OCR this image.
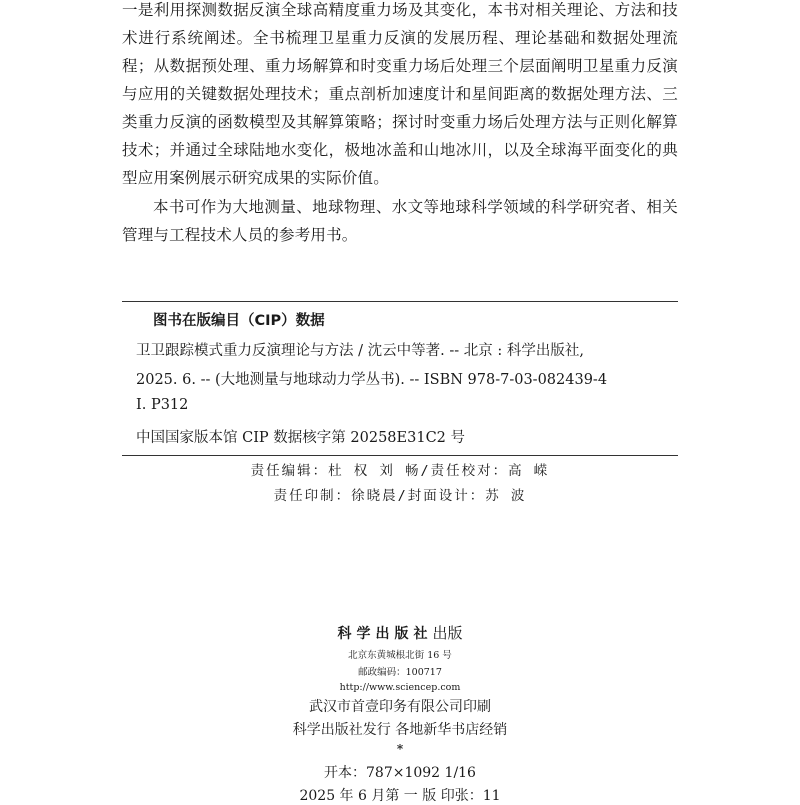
一是利用探测数据反演全球高精度重力场及其变化，本书对相关理论、方法和技术进行系统阐述。全书梳理卫星重力反演的发展历程、理论基础和数据处理流程；从数据预处理、重力场解算和时变重力场后处理三个层面阐明卫星重力反演与应用的关键数据处理技术；重点剖析加速度计和星间距离的数据处理方法、三类重力反演的函数模型及其解算策略；探讨时变重力场后处理方法与正则化解算技术；并通过全球陆地水变化，极地冰盖和山地冰川，以及全球海平面变化的典型应用案例展示研究成果的实际价值。

本书可作为大地测量、地球物理、水文等地球科学领域的科学研究者、相关管理与工程技术人员的参考用书。

图书在版编目（CIP）数据
卫卫跟踪模式重力反演理论与方法 / 沈云中等著. -- 北京 : 科学出版社,
2025. 6. -- (大地测量与地球动力学丛书). -- ISBN 978-7-03-082439-4
I. P312
中国国家版本馆 CIP 数据核字第 20258E31C2 号
责任编辑：杜 权 刘 畅/责任校对：高 嵘
责任印制：徐晓晨/封面设计：苏 波
科学出版社出版
北京东黄城根北街 16 号
邮政编码：100717
http://www.sciencep.com
武汉市首壹印务有限公司印刷
科学出版社发行 各地新华书店经销
*
开本：787×1092 1/16
2025 年 6 月第 一 版 印张：11
